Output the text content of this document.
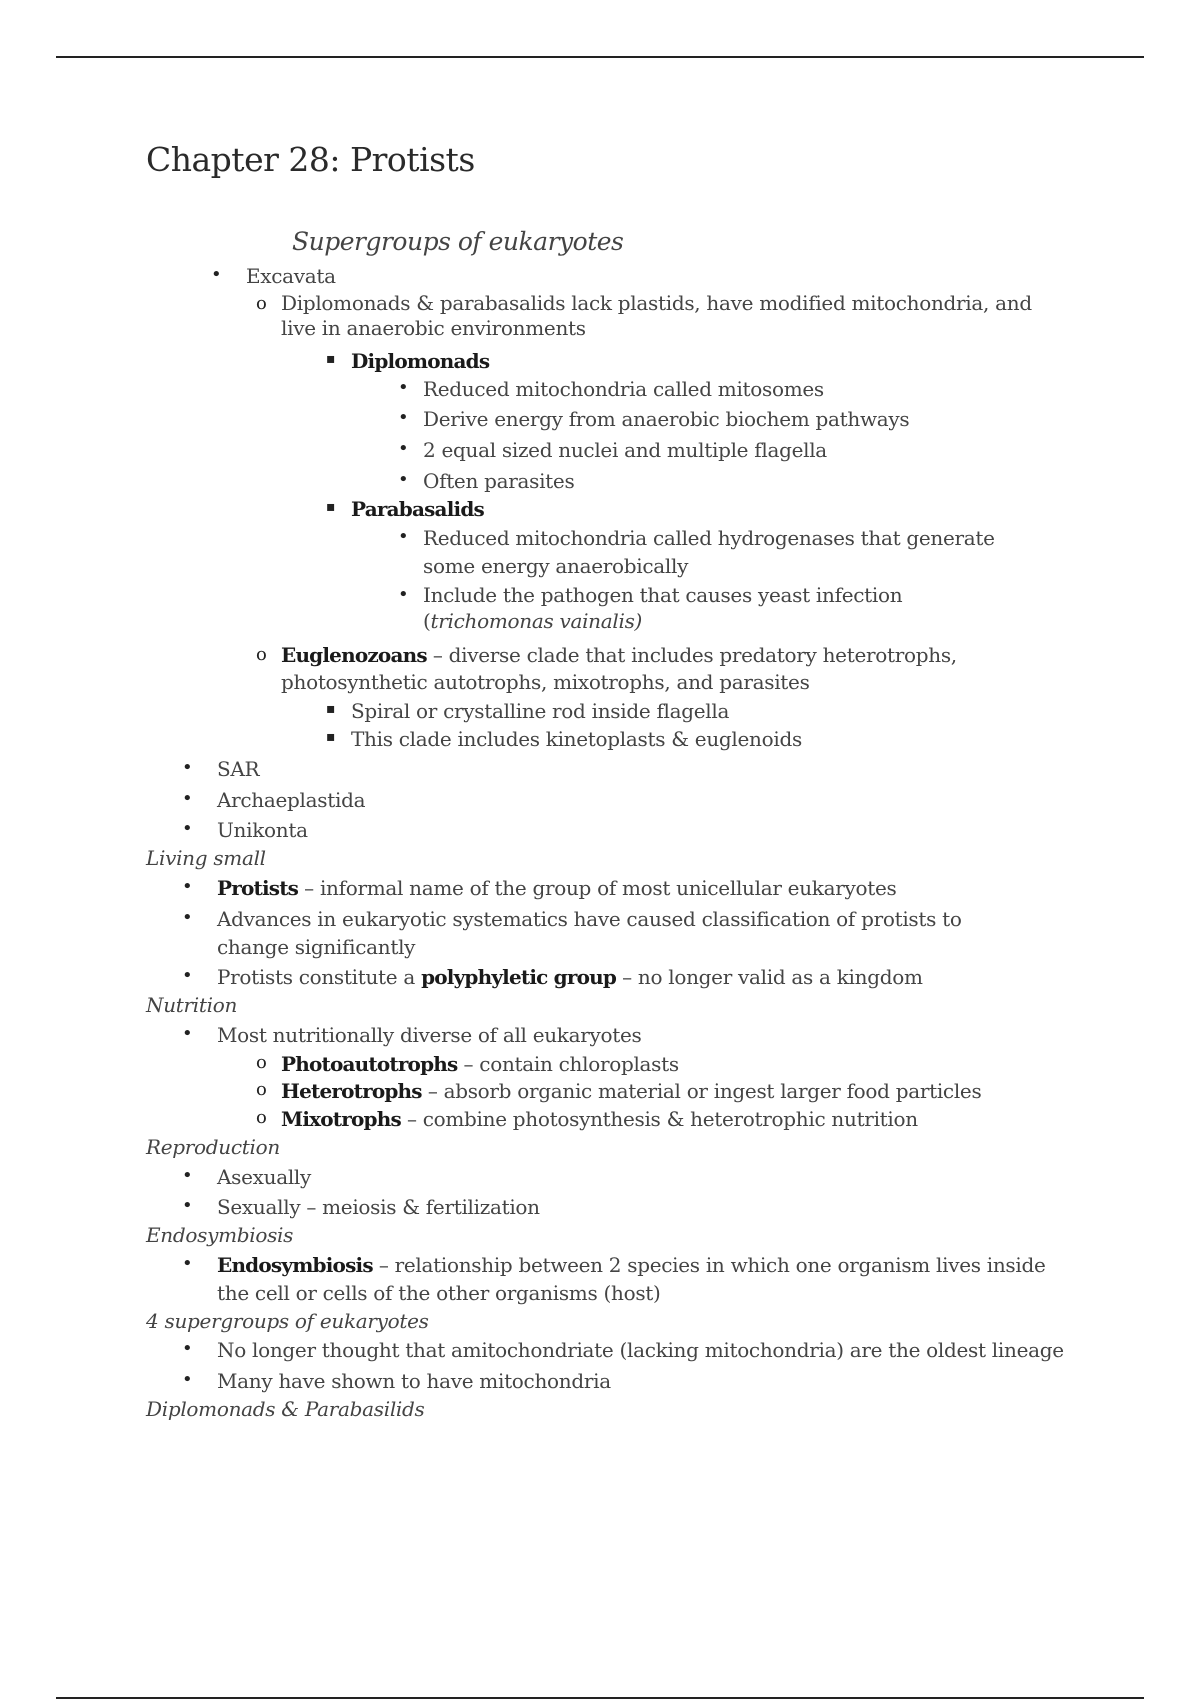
Chapter 28: Protists
Supergroups of eukaryotes
•	Excavata
o Diplomonads & parabasalids lack plastids, have modified mitochondria, and live in anaerobic environments
▪ Diplomonads
• Reduced mitochondria called mitosomes
• Derive energy from anaerobic biochem pathways
• 2 equal sized nuclei and multiple flagella
• Often parasites
▪ Parabasalids
• Reduced mitochondria called hydrogenases that generate some energy anaerobically
• Include the pathogen that causes yeast infection (trichomonas vainalis)
o Euglenozoans – diverse clade that includes predatory heterotrophs, photosynthetic autotrophs, mixotrophs, and parasites
▪ Spiral or crystalline rod inside flagella
▪ This clade includes kinetoplasts & euglenoids
•	SAR
•	Archaeplastida
•	Unikonta
Living small
•	Protists – informal name of the group of most unicellular eukaryotes
•	Advances in eukaryotic systematics have caused classification of protists to change significantly
•	Protists constitute a polyphyletic group – no longer valid as a kingdom
Nutrition
•	Most nutritionally diverse of all eukaryotes
o Photoautotrophs – contain chloroplasts
o Heterotrophs – absorb organic material or ingest larger food particles
o Mixotrophs – combine photosynthesis & heterotrophic nutrition
Reproduction
•	Asexually
•	Sexually – meiosis & fertilization
Endosymbiosis
•	Endosymbiosis – relationship between 2 species in which one organism lives inside the cell or cells of the other organisms (host)
4 supergroups of eukaryotes
•	No longer thought that amitochondriate (lacking mitochondria) are the oldest lineage
•	Many have shown to have mitochondria
Diplomonads & Parabasilids
